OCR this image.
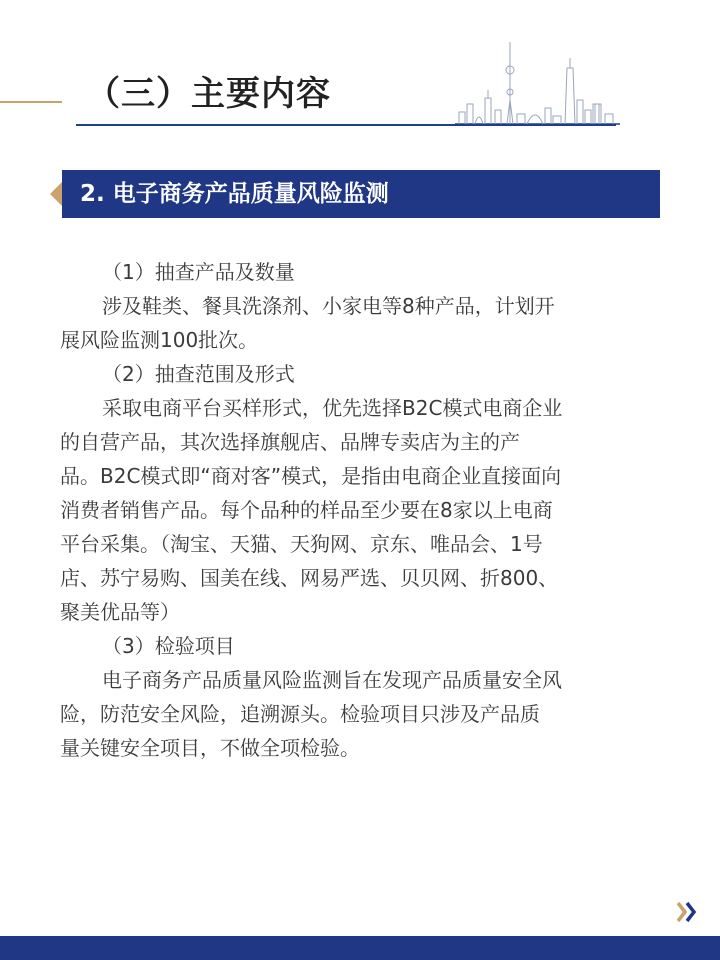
（三）主要内容
2. 电子商务产品质量风险监测

（1）抽查产品及数量

涉及鞋类、餐具洗涤剂、小家电等8种产品，计划开

展风险监测100批次。

（2）抽查范围及形式

采取电商平台买样形式，优先选择B2C模式电商企业

的自营产品，其次选择旗舰店、品牌专卖店为主的产

品。B2C模式即“商对客”模式，是指由电商企业直接面向

消费者销售产品。每个品种的样品至少要在8家以上电商

平台采集。（淘宝、天猫、天狗网、京东、唯品会、1号

店、苏宁易购、国美在线、网易严选、贝贝网、折800、

聚美优品等）

（3）检验项目

电子商务产品质量风险监测旨在发现产品质量安全风

险，防范安全风险，追溯源头。检验项目只涉及产品质

量关键安全项目，不做全项检验。
